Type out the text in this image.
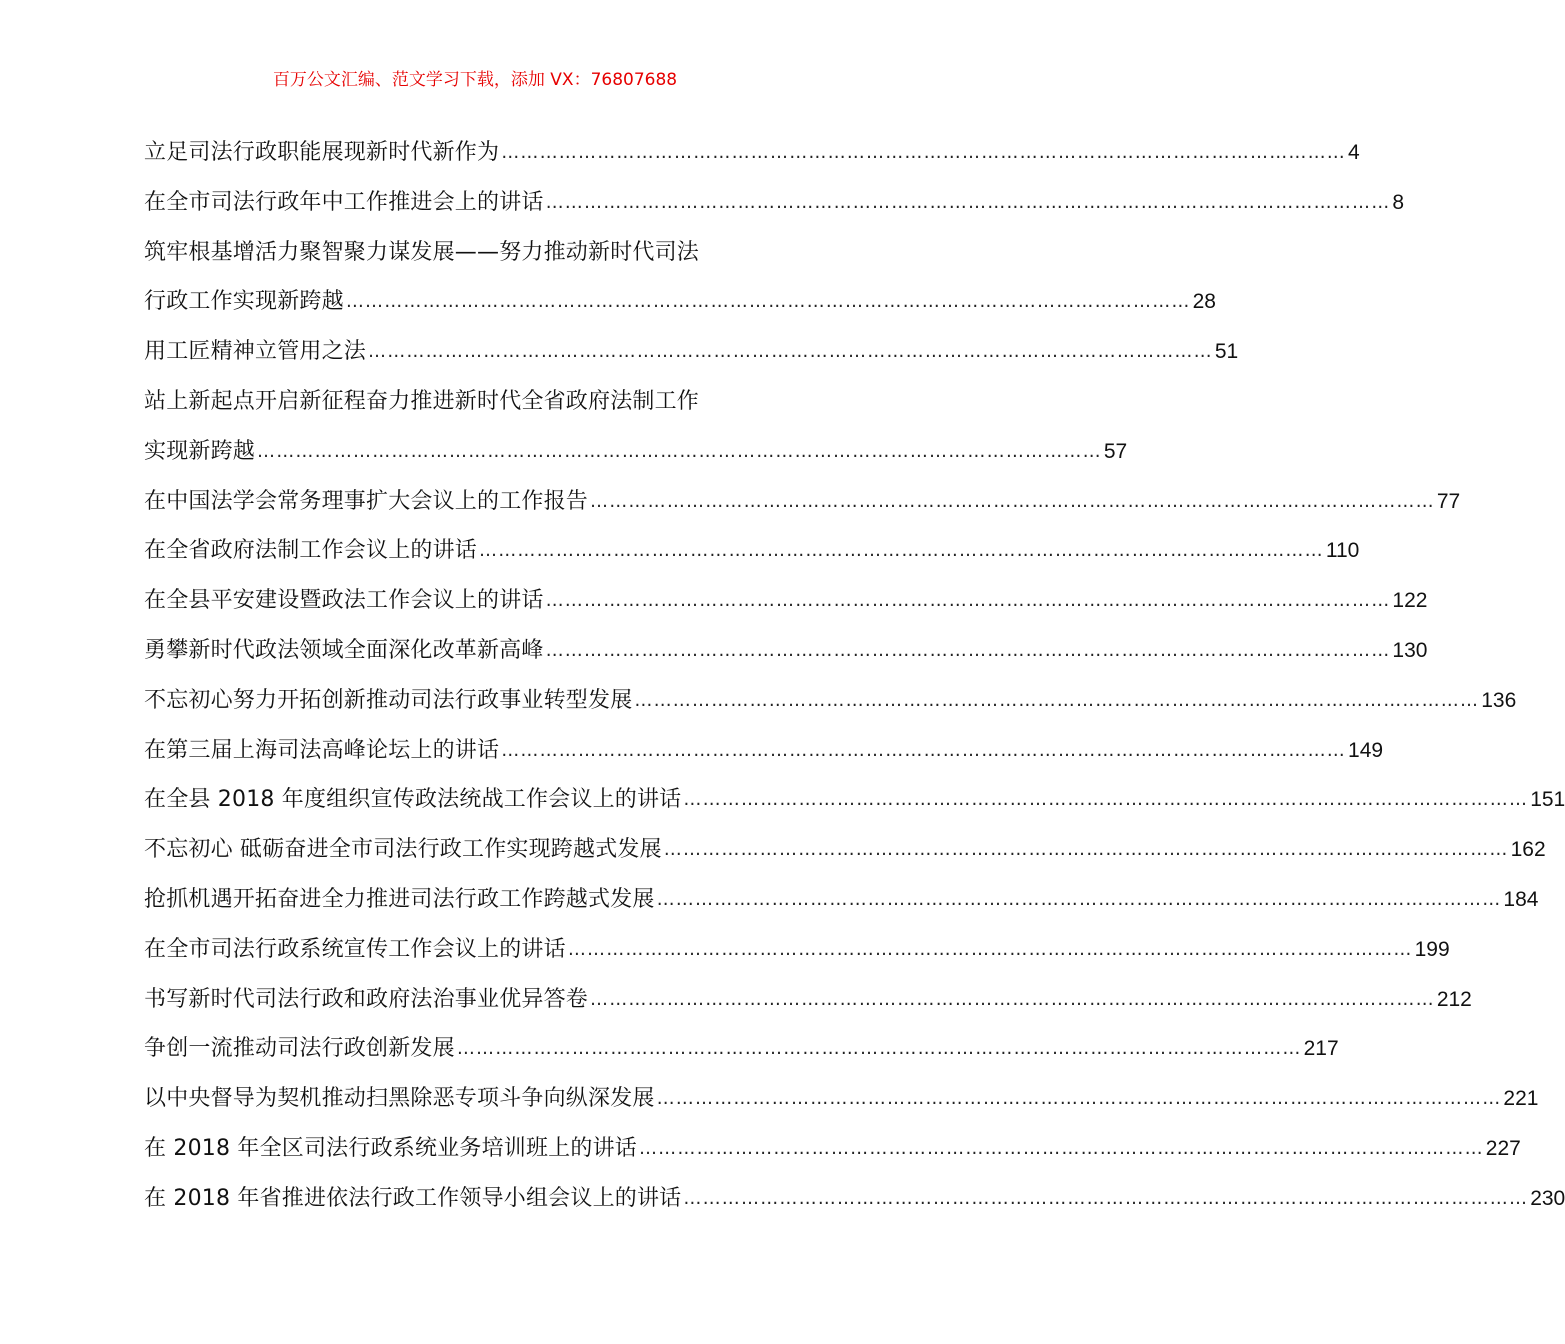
百万公文汇编、范文学习下载，添加 VX：76807688
立足司法行政职能展现新时代新作为 …………………………………………………………………………………………………………………… 4
在全市司法行政年中工作推进会上的讲话 …………………………………………………………………………………………………………………… 8
筑牢根基增活力聚智聚力谋发展——努力推动新时代司法
行政工作实现新跨越 …………………………………………………………………………………………………………………… 28
用工匠精神立管用之法 …………………………………………………………………………………………………………………… 51
站上新起点开启新征程奋力推进新时代全省政府法制工作
实现新跨越 …………………………………………………………………………………………………………………… 57
在中国法学会常务理事扩大会议上的工作报告 …………………………………………………………………………………………………………………… 77
在全省政府法制工作会议上的讲话 …………………………………………………………………………………………………………………… 110
在全县平安建设暨政法工作会议上的讲话 …………………………………………………………………………………………………………………… 122
勇攀新时代政法领域全面深化改革新高峰 …………………………………………………………………………………………………………………… 130
不忘初心努力开拓创新推动司法行政事业转型发展 …………………………………………………………………………………………………………………… 136
在第三届上海司法高峰论坛上的讲话 …………………………………………………………………………………………………………………… 149
在全县 2018 年度组织宣传政法统战工作会议上的讲话 …………………………………………………………………………………………………………………… 151
不忘初心 砥砺奋进全市司法行政工作实现跨越式发展 …………………………………………………………………………………………………………………… 162
抢抓机遇开拓奋进全力推进司法行政工作跨越式发展 …………………………………………………………………………………………………………………… 184
在全市司法行政系统宣传工作会议上的讲话 …………………………………………………………………………………………………………………… 199
书写新时代司法行政和政府法治事业优异答卷 …………………………………………………………………………………………………………………… 212
争创一流推动司法行政创新发展 …………………………………………………………………………………………………………………… 217
以中央督导为契机推动扫黑除恶专项斗争向纵深发展 …………………………………………………………………………………………………………………… 221
在 2018 年全区司法行政系统业务培训班上的讲话 …………………………………………………………………………………………………………………… 227
在 2018 年省推进依法行政工作领导小组会议上的讲话 …………………………………………………………………………………………………………………… 230
